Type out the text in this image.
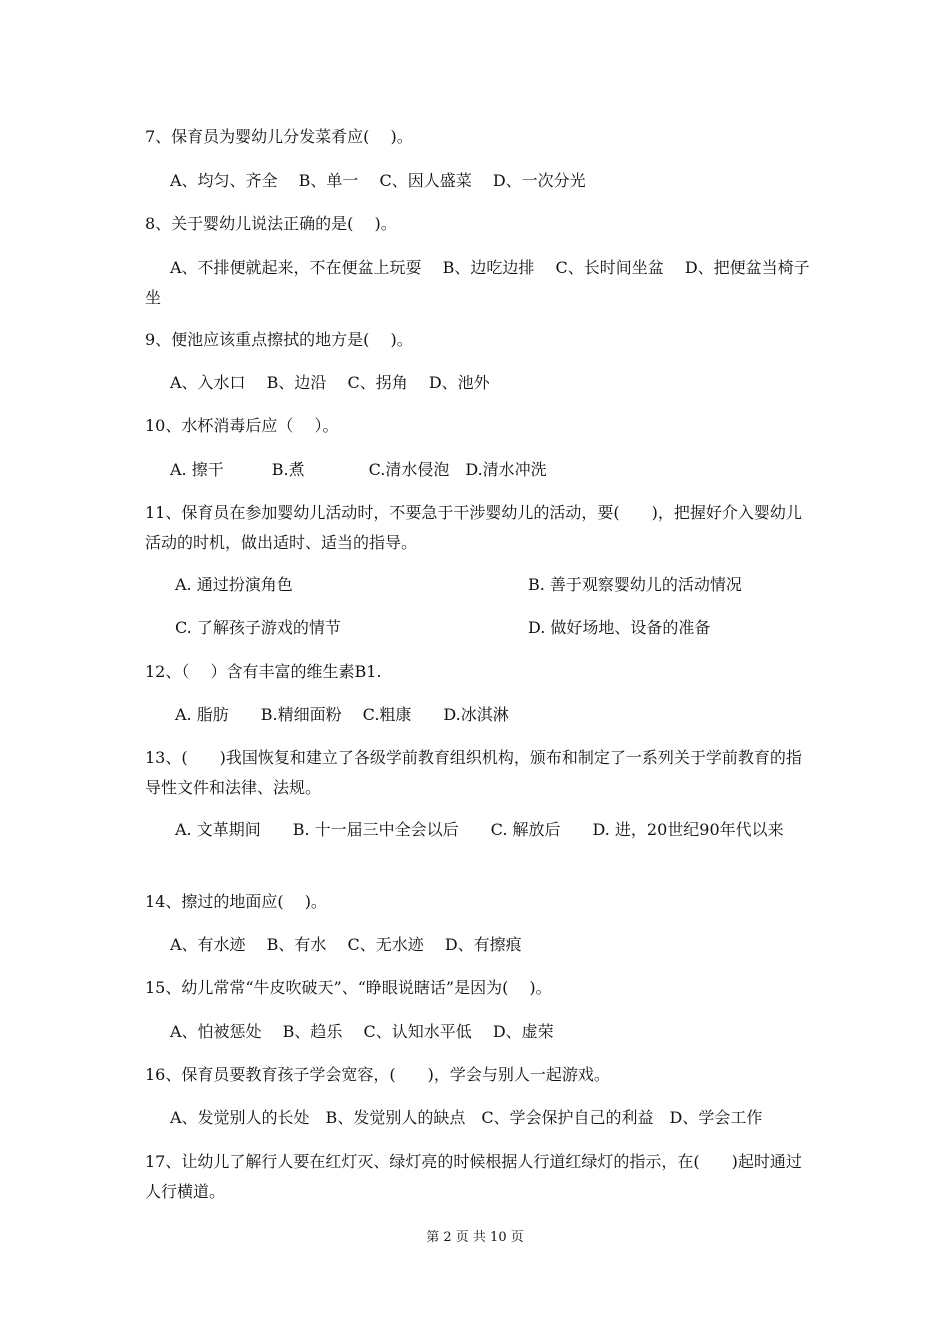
7、保育员为婴幼儿分发菜肴应(　 )。
A、均匀、齐全　 B、单一　 C、因人盛菜　 D、一次分光
8、关于婴幼儿说法正确的是(　 )。
A、不排便就起来，不在便盆上玩耍　 B、边吃边排　 C、长时间坐盆　 D、把便盆当椅子坐
9、便池应该重点擦拭的地方是(　 )。
A、入水口　 B、边沿　 C、拐角　 D、池外
10、水杯消毒后应（　 ）。
A. 擦干　　　B.煮　　　　C.清水侵泡　D.清水冲洗
11、保育员在参加婴幼儿活动时，不要急于干涉婴幼儿的活动，要(　　)，把握好介入婴幼儿活动的时机，做出适时、适当的指导。
A. 通过扮演角色	B. 善于观察婴幼儿的活动情况
C. 了解孩子游戏的情节	D. 做好场地、设备的准备
12、（　 ）含有丰富的维生素B1.
A. 脂肪　　B.精细面粉　 C.粗康　　D.冰淇淋
13、(　　)我国恢复和建立了各级学前教育组织机构，颁布和制定了一系列关于学前教育的指导性文件和法律、法规。
A. 文革期间　　B. 十一届三中全会以后　　C. 解放后　　D. 进，20世纪90年代以来
14、擦过的地面应(　 )。
A、有水迹　 B、有水　 C、无水迹　 D、有擦痕
15、幼儿常常“牛皮吹破天”、“睁眼说瞎话”是因为(　 )。
A、怕被惩处　 B、趋乐　 C、认知水平低　 D、虚荣
16、保育员要教育孩子学会宽容，(　　)，学会与别人一起游戏。
A、发觉别人的长处　B、发觉别人的缺点　C、学会保护自己的利益　D、学会工作
17、让幼儿了解行人要在红灯灭、绿灯亮的时候根据人行道红绿灯的指示，在(　　)起时通过人行横道。
第 2 页 共 10 页
